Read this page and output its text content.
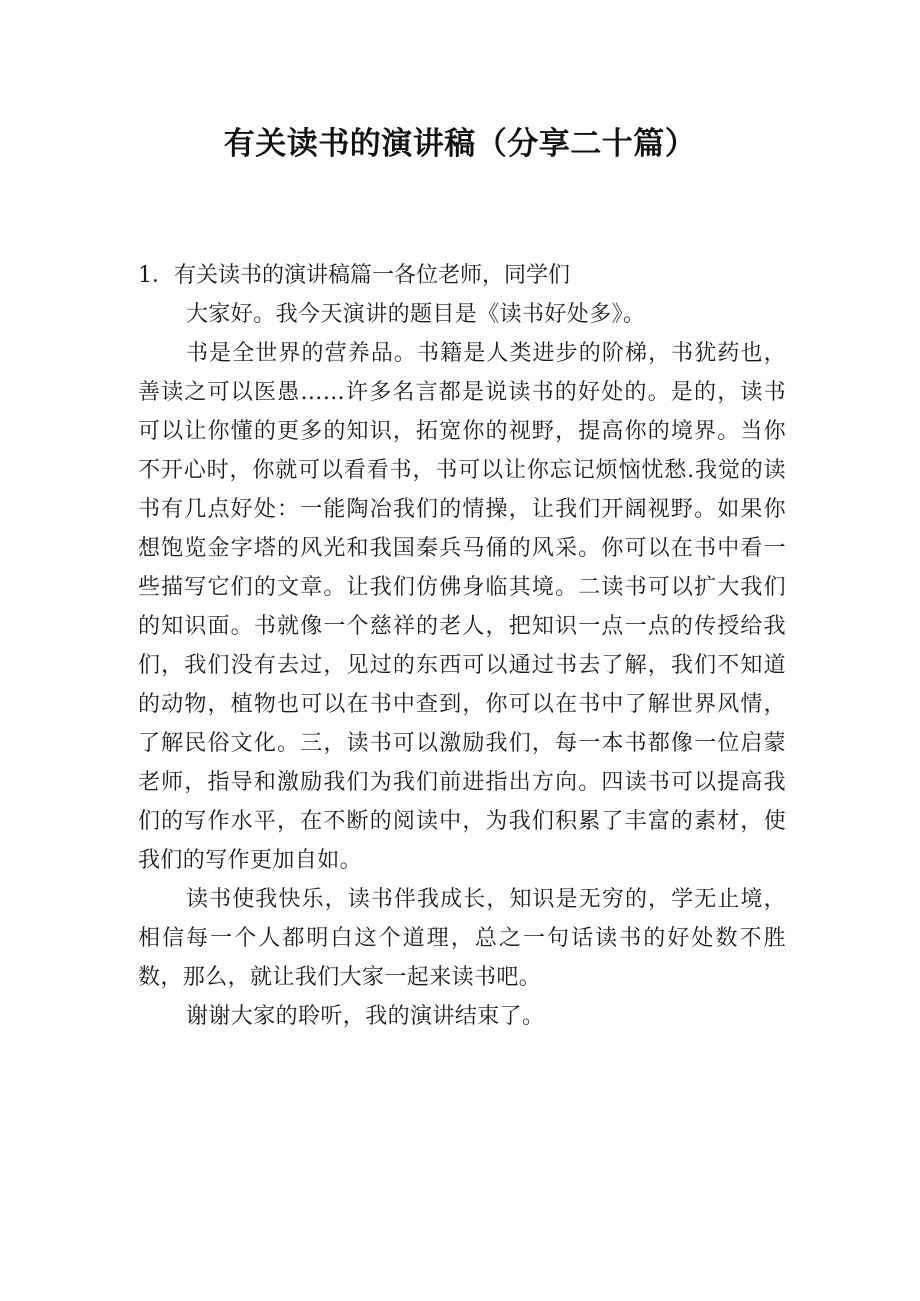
有关读书的演讲稿（分享二十篇）

1．有关读书的演讲稿篇一各位老师，同学们

大家好。我今天演讲的题目是《读书好处多》。

书是全世界的营养品。书籍是人类进步的阶梯，书犹药也，善读之可以医愚……许多名言都是说读书的好处的。是的，读书可以让你懂的更多的知识，拓宽你的视野，提高你的境界。当你不开心时，你就可以看看书，书可以让你忘记烦恼忧愁.我觉的读书有几点好处：一能陶冶我们的情操，让我们开阔视野。如果你想饱览金字塔的风光和我国秦兵马俑的风采。你可以在书中看一些描写它们的文章。让我们仿佛身临其境。二读书可以扩大我们的知识面。书就像一个慈祥的老人，把知识一点一点的传授给我们，我们没有去过，见过的东西可以通过书去了解，我们不知道的动物，植物也可以在书中查到，你可以在书中了解世界风情，了解民俗文化。三，读书可以激励我们，每一本书都像一位启蒙老师，指导和激励我们为我们前进指出方向。四读书可以提高我们的写作水平，在不断的阅读中，为我们积累了丰富的素材，使我们的写作更加自如。

读书使我快乐，读书伴我成长，知识是无穷的，学无止境，相信每一个人都明白这个道理，总之一句话读书的好处数不胜数，那么，就让我们大家一起来读书吧。

谢谢大家的聆听，我的演讲结束了。
